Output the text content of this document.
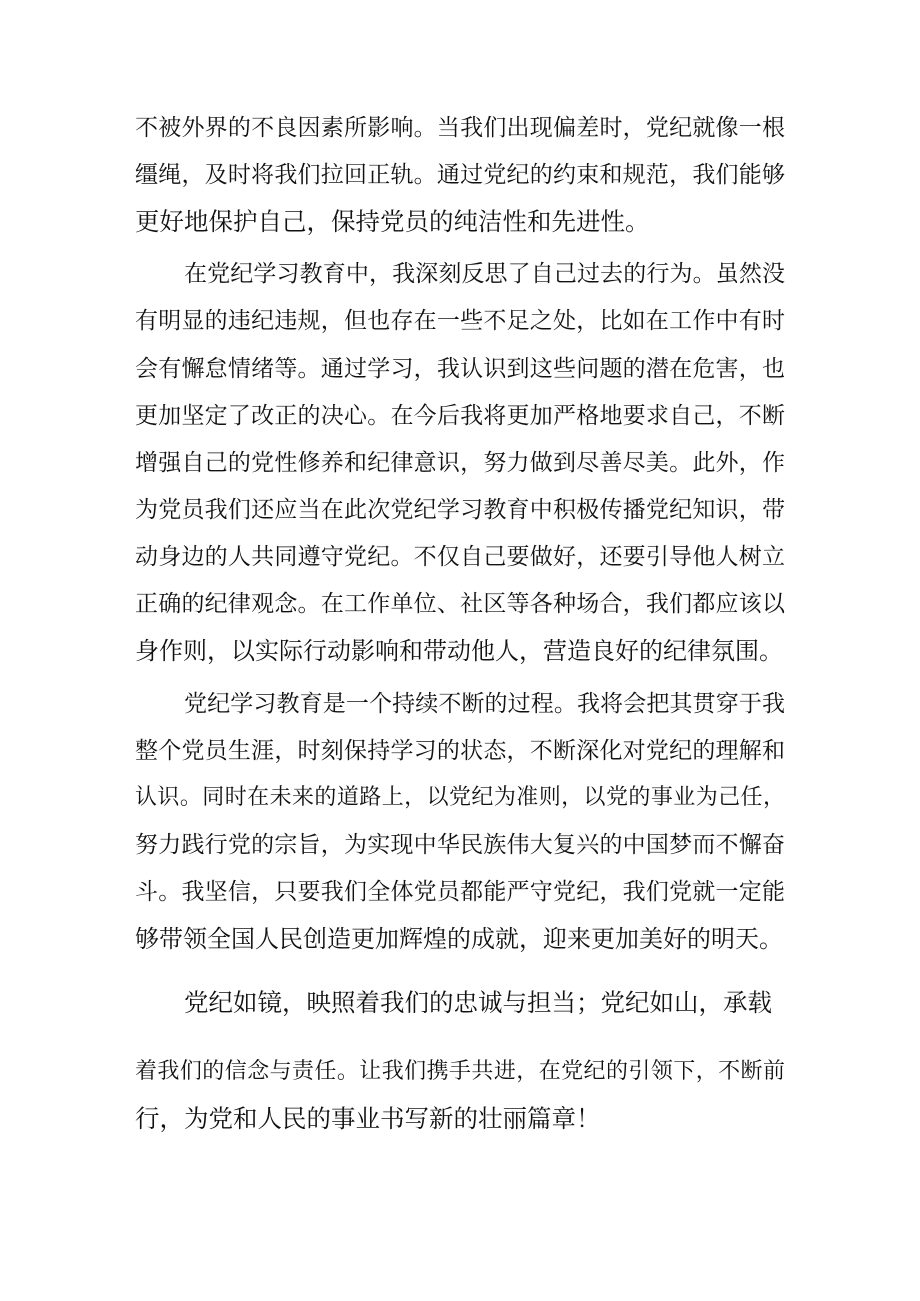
不被外界的不良因素所影响。当我们出现偏差时，党纪就像一根

缰绳，及时将我们拉回正轨。通过党纪的约束和规范，我们能够

更好地保护自己，保持党员的纯洁性和先进性。

在党纪学习教育中，我深刻反思了自己过去的行为。虽然没

有明显的违纪违规，但也存在一些不足之处，比如在工作中有时

会有懈怠情绪等。通过学习，我认识到这些问题的潜在危害，也

更加坚定了改正的决心。在今后我将更加严格地要求自己，不断

增强自己的党性修养和纪律意识，努力做到尽善尽美。此外，作

为党员我们还应当在此次党纪学习教育中积极传播党纪知识，带

动身边的人共同遵守党纪。不仅自己要做好，还要引导他人树立

正确的纪律观念。在工作单位、社区等各种场合，我们都应该以

身作则，以实际行动影响和带动他人，营造良好的纪律氛围。

党纪学习教育是一个持续不断的过程。我将会把其贯穿于我

整个党员生涯，时刻保持学习的状态，不断深化对党纪的理解和

认识。同时在未来的道路上，以党纪为准则，以党的事业为己任，

努力践行党的宗旨，为实现中华民族伟大复兴的中国梦而不懈奋

斗。我坚信，只要我们全体党员都能严守党纪，我们党就一定能

够带领全国人民创造更加辉煌的成就，迎来更加美好的明天。

党纪如镜，映照着我们的忠诚与担当；党纪如山，承载

着我们的信念与责任。让我们携手共进，在党纪的引领下，不断前

行，为党和人民的事业书写新的壮丽篇章！
